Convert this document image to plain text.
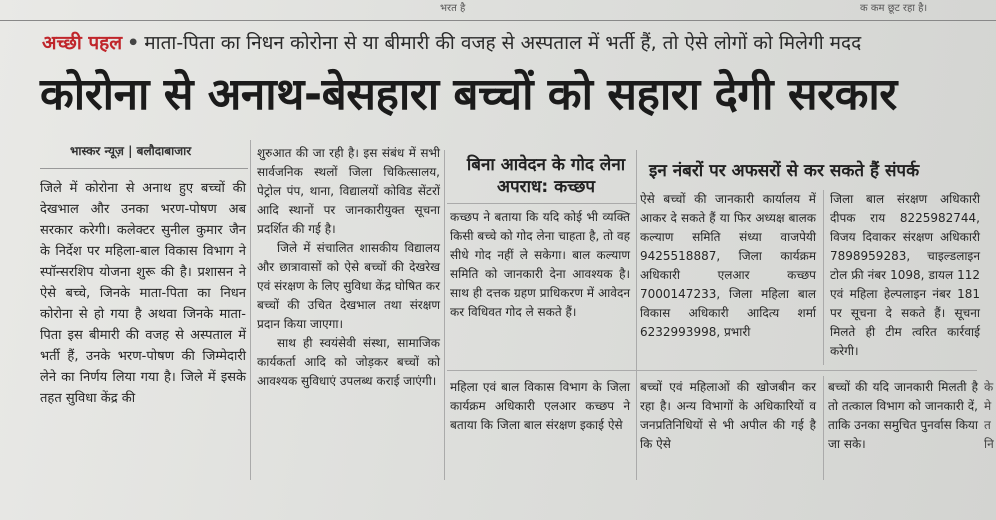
भरत है	क कम छूट रहा है।
अच्छी पहल • माता-पिता का निधन कोरोना से या बीमारी की वजह से अस्पताल में भर्ती हैं, तो ऐसे लोगों को मिलेगी मदद
कोरोना से अनाथ-बेसहारा बच्चों को सहारा देगी सरकार
भास्कर न्यूज़ | बलौदाबाजार

जिले में कोरोना से अनाथ हुए बच्चों की देखभाल और उनका भरण-पोषण अब सरकार करेगी। कलेक्टर सुनील कुमार जैन के निर्देश पर महिला-बाल विकास विभाग ने स्पॉन्सरशिप योजना शुरू की है। प्रशासन ने ऐसे बच्चे, जिनके माता-पिता का निधन कोरोना से हो गया है अथवा जिनके माता-पिता इस बीमारी की वजह से अस्पताल में भर्ती हैं, उनके भरण-पोषण की जिम्मेदारी लेने का निर्णय लिया गया है। जिले में इसके तहत सुविधा केंद्र की

शुरुआत की जा रही है। इस संबंध में सभी सार्वजनिक स्थलों जिला चिकित्सालय, पेट्रोल पंप, थाना, विद्यालयों कोविड सेंटरों आदि स्थानों पर जानकारीयुक्त सूचना प्रदर्शित की गई है।

जिले में संचालित शासकीय विद्यालय और छात्रावासों को ऐसे बच्चों की देखरेख एवं संरक्षण के लिए सुविधा केंद्र घोषित कर बच्चों की उचित देखभाल तथा संरक्षण प्रदान किया जाएगा।

साथ ही स्वयंसेवी संस्था, सामाजिक कार्यकर्ता आदि को जोड़कर बच्चों को आवश्यक सुविधाएं उपलब्ध कराई जाएंगी।

बिना आवेदन के गोद लेना अपराध: कच्छप

कच्छप ने बताया कि यदि कोई भी व्यक्ति किसी बच्चे को गोद लेना चाहता है, तो वह सीधे गोद नहीं ले सकेगा। बाल कल्याण समिति को जानकारी देना आवश्यक है। साथ ही दत्तक ग्रहण प्राधिकरण में आवेदन कर विधिवत गोद ले सकते हैं।

महिला एवं बाल विकास विभाग के जिला कार्यक्रम अधिकारी एलआर कच्छप ने बताया कि जिला बाल संरक्षण इकाई ऐसे

इन नंबरों पर अफसरों से कर सकते हैं संपर्क

ऐसे बच्चों की जानकारी कार्यालय में आकर दे सकते हैं या फिर अध्यक्ष बालक कल्याण समिति संध्या वाजपेयी 9425518887, जिला कार्यक्रम अधिकारी एलआर कच्छप 7000147233, जिला महिला बाल विकास अधिकारी आदित्य शर्मा 6232993998, प्रभारी

जिला बाल संरक्षण अधिकारी दीपक राय 8225982744, विजय दिवाकर संरक्षण अधिकारी 7898959283, चाइल्डलाइन टोल फ्री नंबर 1098, डायल 112 एवं महिला हेल्पलाइन नंबर 181 पर सूचना दे सकते हैं। सूचना मिलते ही टीम त्वरित कार्रवाई करेगी।

बच्चों एवं महिलाओं की खोजबीन कर रहा है। अन्य विभागों के अधिकारियों व जनप्रतिनिधियों से भी अपील की गई है कि ऐसे

बच्चों की यदि जानकारी मिलती है तो तत्काल विभाग को जानकारी दें, ताकि उनका समुचित पुनर्वास किया जा सके।

के मे त नि
